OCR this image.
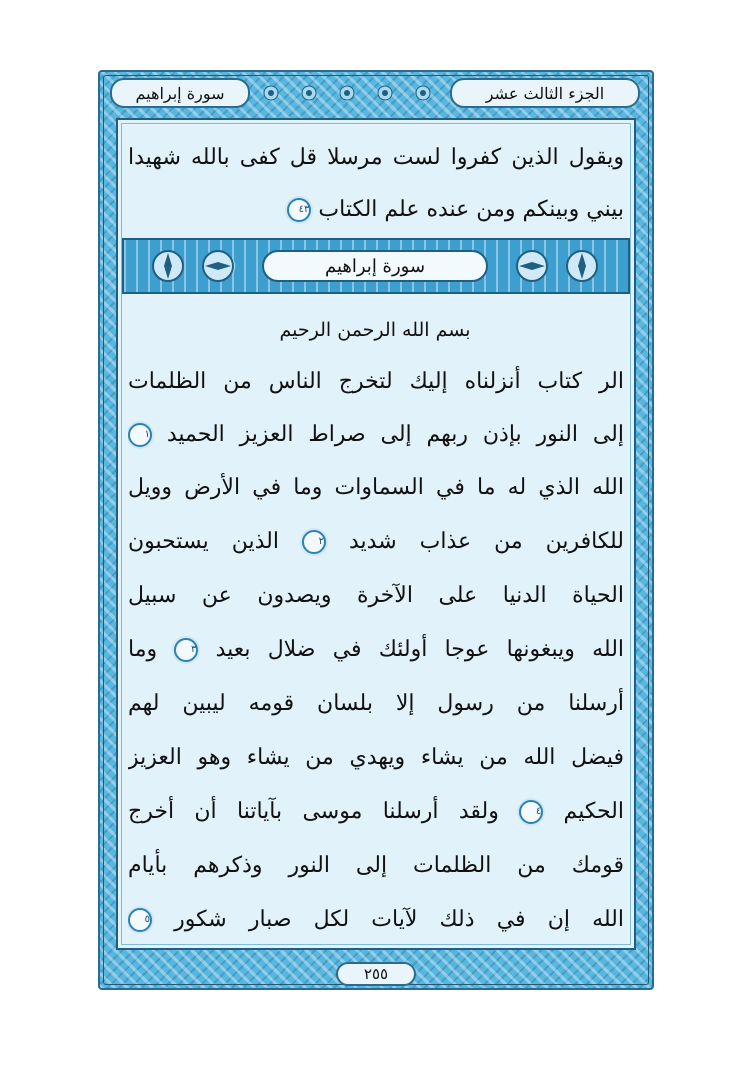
سورة إبراهيم	الجزء الثالث عشر
ويقول الذين كفروا لست مرسلا قل كفى بالله شهيدا
بيني وبينكم ومن عنده علم الكتاب ٤٣
سورة إبراهيم
بسم الله الرحمن الرحيم
الر كتاب أنزلناه إليك لتخرج الناس من الظلمات
إلى النور بإذن ربهم إلى صراط العزيز الحميد ١
الله الذي له ما في السماوات وما في الأرض وويل
للكافرين من عذاب شديد ٢ الذين يستحبون
الحياة الدنيا على الآخرة ويصدون عن سبيل
الله ويبغونها عوجا أولئك في ضلال بعيد ٣ وما
أرسلنا من رسول إلا بلسان قومه ليبين لهم
فيضل الله من يشاء ويهدي من يشاء وهو العزيز
الحكيم ٤ ولقد أرسلنا موسى بآياتنا أن أخرج
قومك من الظلمات إلى النور وذكرهم بأيام
الله إن في ذلك لآيات لكل صبار شكور ٥
٢٥٥
